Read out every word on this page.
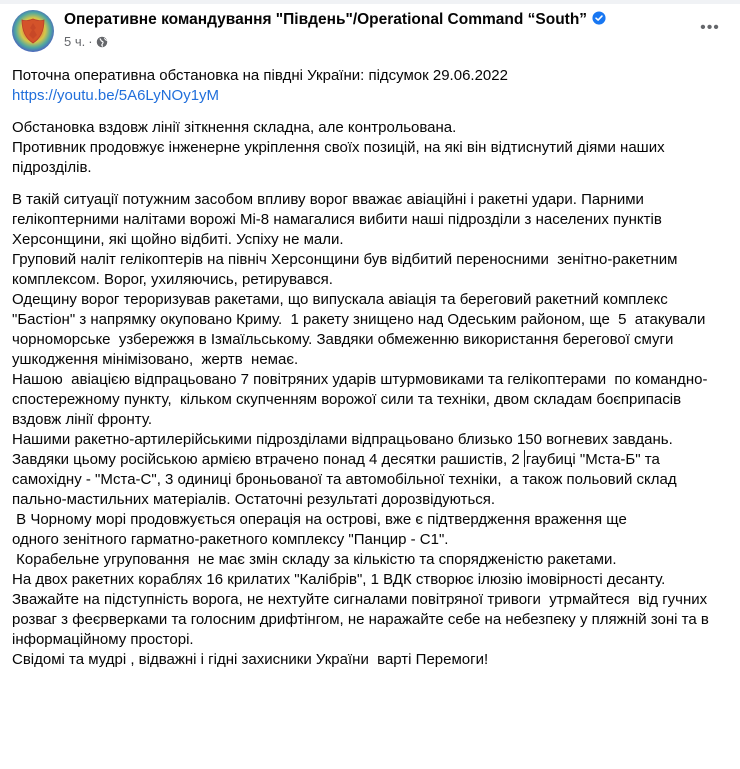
Оперативне командування "Південь"/Operational Command “South”
5 ч. ·
•••

Поточна оперативна обстановка на півдні України: підсумок 29.06.2022

https://youtu.be/5A6LyNOy1yM

Обстановка вздовж лінії зіткнення складна, але контрольована.

Противник продовжує інженерне укріплення своїх позицій, на які він відтиснутий діями наших підрозділів.

В такій ситуації потужним засобом впливу ворог вважає авіаційні і ракетні удари. Парними гелікоптерними налітами ворожі Мі-8 намагалися вибити наші підрозділи з населених пунктів Херсонщини, які щойно відбиті. Успіху не мали.

Груповий наліт гелікоптерів на північ Херсонщини був відбитий переносними  зенітно-ракетним комплексом. Ворог, ухиляючись, ретирувався.

Одещину ворог тероризував ракетами, що випускала авіація та береговий ракетний комплекс "Бастіон" з напрямку окуповано Криму.  1 ракету знищено над Одеським районом, ще  5  атакували чорноморське  узбережжя в Ізмаїльському. Завдяки обмеженню використання берегової смуги  ушкодження мінімізовано,  жертв  немає.

Нашою  авіацією відпрацьовано 7 повітряних ударів штурмовиками та гелікоптерами  по командно-спостережному пункту,  кільком скупченням ворожої сили та техніки, двом складам боєприпасів вздовж лінії фронту.

Нашими ракетно-артилерійськими підрозділами відпрацьовано близько 150 вогневих завдань.

Завдяки цьому російською армією втрачено понад 4 десятки рашистів, 2 гаубиці "Мста-Б" та самохідну - "Мста-С", 3 одиниці броньованої та автомобільної техніки,  а також польовий склад пально-мастильних матеріалів. Остаточні результаті дорозвідуються.

В Чорному морі продовжується операція на острові, вже є підтвердження враження ще одного зенітного гарматно-ракетного комплексу "Панцир - С1".

Корабельне угруповання  не має змін складу за кількістю та спорядженістю ракетами.

На двох ракетних кораблях 16 крилатих "Калібрів", 1 ВДК створює ілюзію імовірності десанту.

Зважайте на підступність ворога, не нехтуйте сигналами повітряної тривоги  утрмайтеся  від гучних розваг з феєрверками та голосним дрифтінгом, не наражайте себе на небезпеку у пляжній зоні та в інформаційному просторі.

Свідомі та мудрі , відважні і гідні захисники України  варті Перемоги!
